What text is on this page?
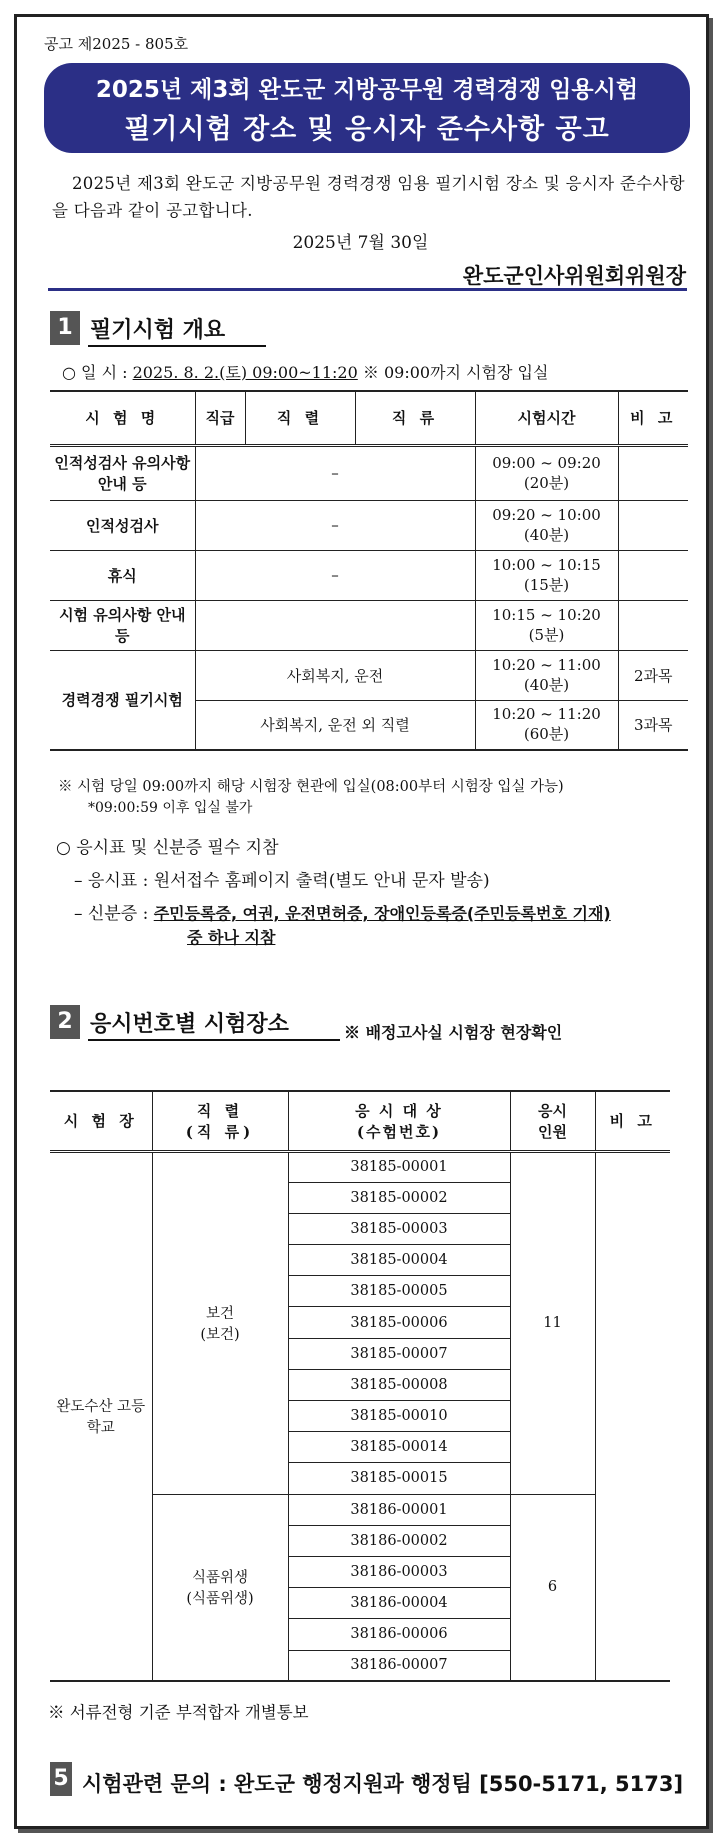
공고 제2025 - 805호
2025년 제3회 완도군 지방공무원 경력경쟁 임용시험
필기시험 장소 및 응시자 준수사항 공고
2025년 제3회 완도군 지방공무원 경력경쟁 임용 필기시험 장소 및 응시자 준수사항을 다음과 같이 공고합니다.
2025년 7월 30일
완도군인사위원회위원장
1 필기시험 개요
○ 일 시 : 2025. 8. 2.(토) 09:00~11:20 ※ 09:00까지 시험장 입실
시 험 명	직급	직 렬	직 류	시험시간	비 고
인적성검사 유의사항 안내 등	–			09:00 ~ 09:20
(20분)	
인적성검사	–			09:20 ~ 10:00
(40분)	
휴식	–			10:00 ~ 10:15
(15분)	
시험 유의사항 안내 등				10:15 ~ 10:20
(5분)	
경력경쟁 필기시험	사회복지, 운전			10:20 ~ 11:00
(40분)	2과목
	사회복지, 운전 외 직렬			10:20 ~ 11:20
(60분)	3과목
※ 시험 당일 09:00까지 해당 시험장 현관에 입실(08:00부터 시험장 입실 가능)
*09:00:59 이후 입실 불가
○ 응시표 및 신분증 필수 지참
– 응시표 : 원서접수 홈페이지 출력(별도 안내 문자 발송)
– 신분증 : 주민등록증, 여권, 운전면허증, 장애인등록증(주민등록번호 기재)
중 하나 지참
2 응시번호별 시험장소	※ 배정고사실 시험장 현장확인
시 험 장	직 렬
(직 류)	응 시 대 상
(수험번호)	응시
인원	비 고
완도수산 고등학교	보건
(보건)	38185-00001	11	
		38185-00002		
		38185-00003		
		38185-00004		
		38185-00005		
		38185-00006		
		38185-00007		
		38185-00008		
		38185-00010		
		38185-00014		
		38185-00015		
	식품위생
(식품위생)	38186-00001	6	
		38186-00002		
		38186-00003		
		38186-00004		
		38186-00006		
		38186-00007		
※ 서류전형 기준 부적합자 개별통보
5 시험관련 문의 : 완도군 행정지원과 행정팀 [550-5171, 5173]
